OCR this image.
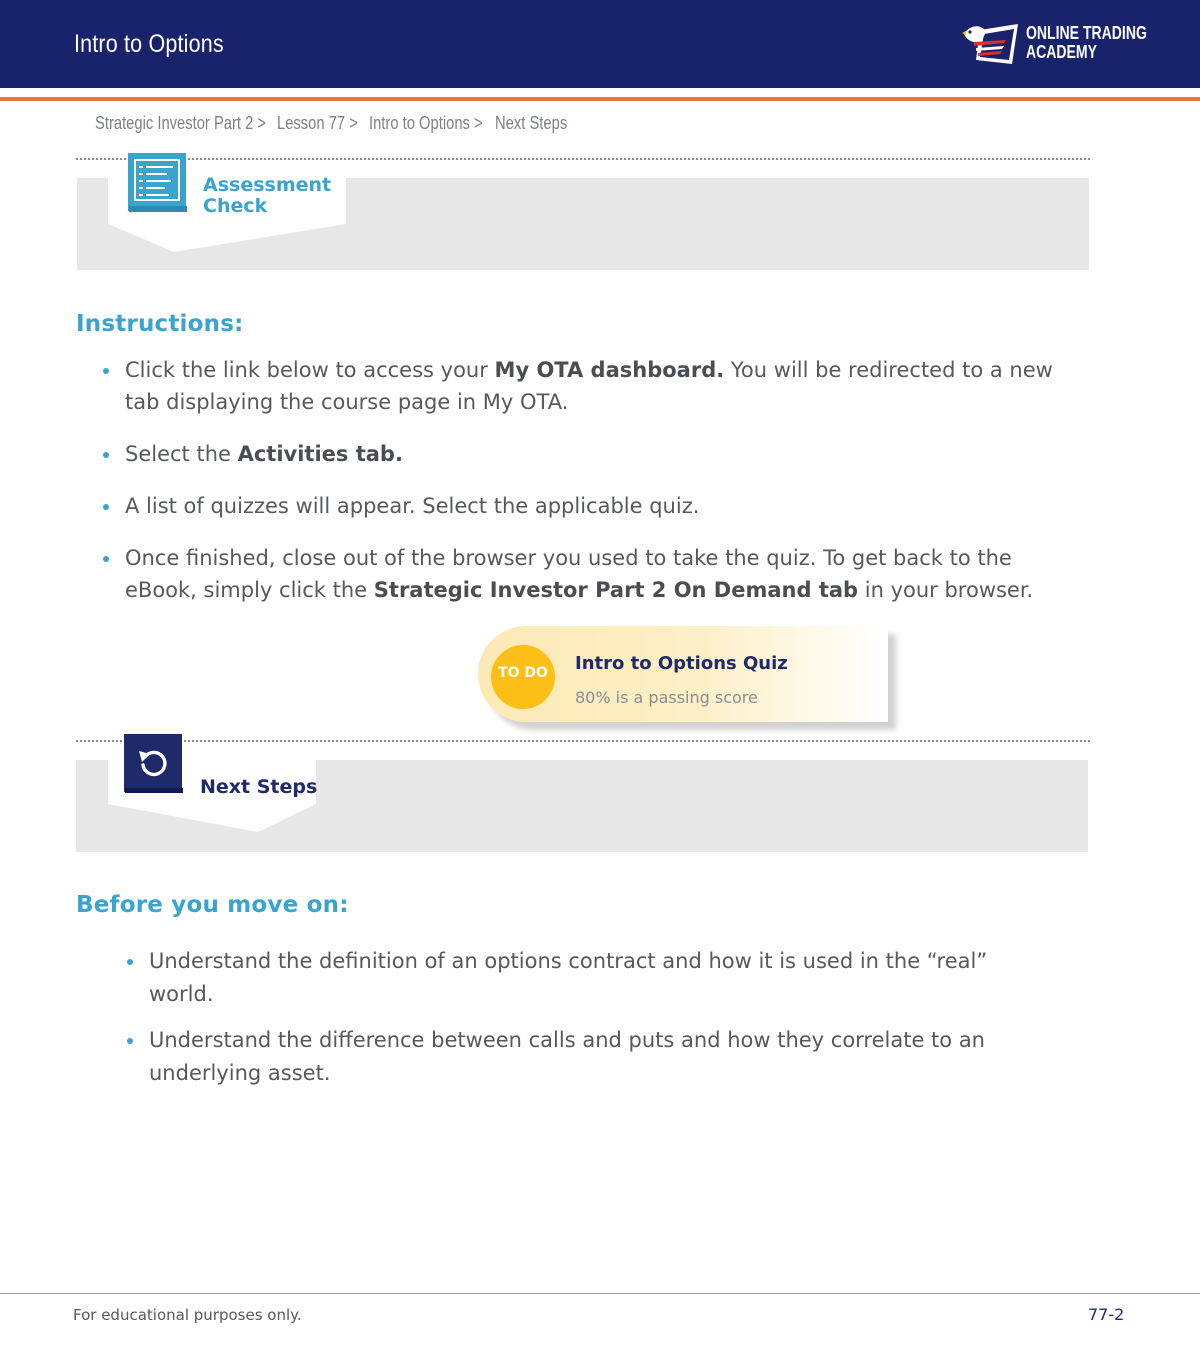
Intro to Options	ONLINE TRADING
ACADEMY
Strategic Investor Part 2 > Lesson 77 > Intro to Options > Next Steps
Assessment
Check
Instructions:
Click the link below to access your My OTA dashboard. You will be redirected to a new tab displaying the course page in My OTA.
Select the Activities tab.
A list of quizzes will appear. Select the applicable quiz.
Once finished, close out of the browser you used to take the quiz. To get back to the eBook, simply click the Strategic Investor Part 2 On Demand tab in your browser.
TO DO	Intro to Options Quiz
80% is a passing score
Next Steps
Before you move on:
Understand the definition of an options contract and how it is used in the “real” world.
Understand the difference between calls and puts and how they correlate to an underlying asset.
For educational purposes only.	77-2
